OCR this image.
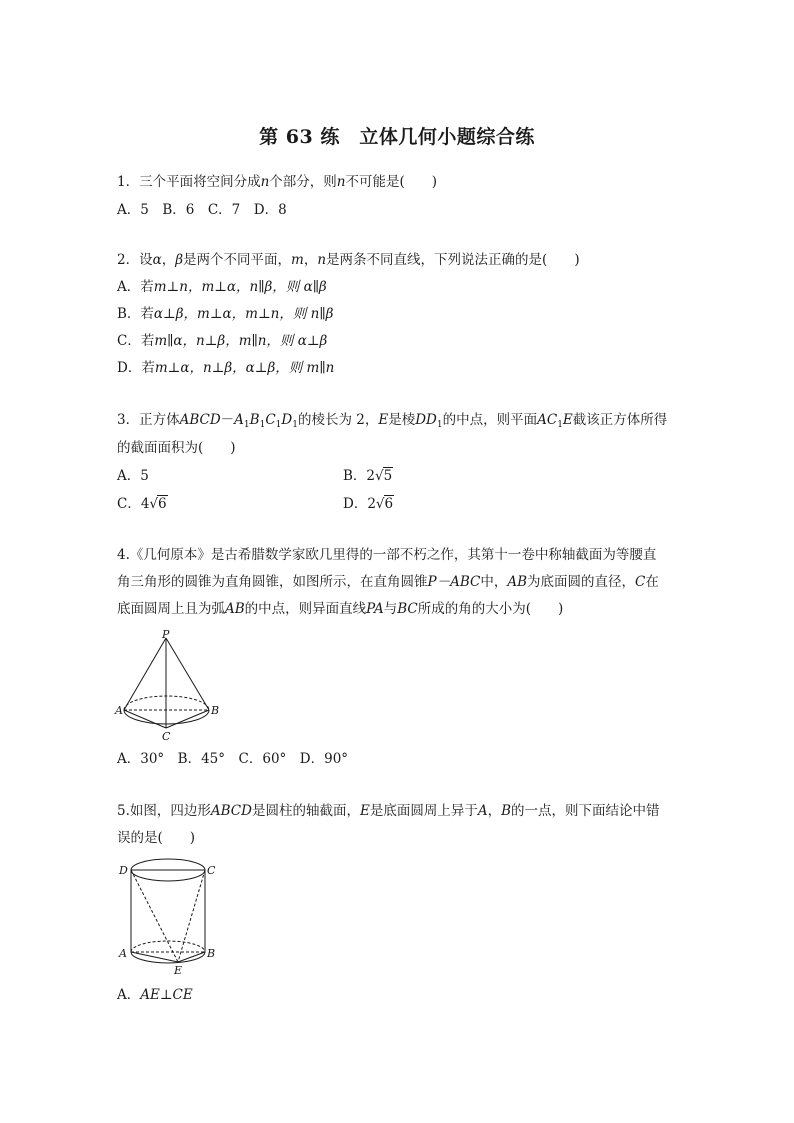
第 63 练　立体几何小题综合练
1．三个平面将空间分成n个部分，则n不可能是(　　)
A．5　B．6　C．7　D．8
2．设α，β是两个不同平面，m，n是两条不同直线，下列说法正确的是(　　)
A．若m⊥n，m⊥α，n∥β，则 α∥β
B．若α⊥β，m⊥α，m⊥n，则 n∥β
C．若m∥α，n⊥β，m∥n，则 α⊥β
D．若m⊥α，n⊥β，α⊥β，则 m∥n
3．正方体$ABCD-A_1B_1C_1D_1$的棱长为 2，E是棱$DD_1$的中点，则平面$AC_1E$截该正方体所得
的截面面积为(　　)
A．5	B．2√5
C．4√6	D．2√6
4.《几何原本》是古希腊数学家欧几里得的一部不朽之作，其第十一卷中称轴截面为等腰直
角三角形的圆锥为直角圆锥，如图所示，在直角圆锥P－ABC中，AB为底面圆的直径，C在
底面圆周上且为弧AB的中点，则异面直线PA与BC所成的角的大小为(　　)
P
A	B
C
A．30°　B．45°　C．60°　D．90°
5.如图，四边形ABCD是圆柱的轴截面，E是底面圆周上异于A，B的一点，则下面结论中错
误的是(　　)
D	C
A	B
E
A．AE⊥CE
